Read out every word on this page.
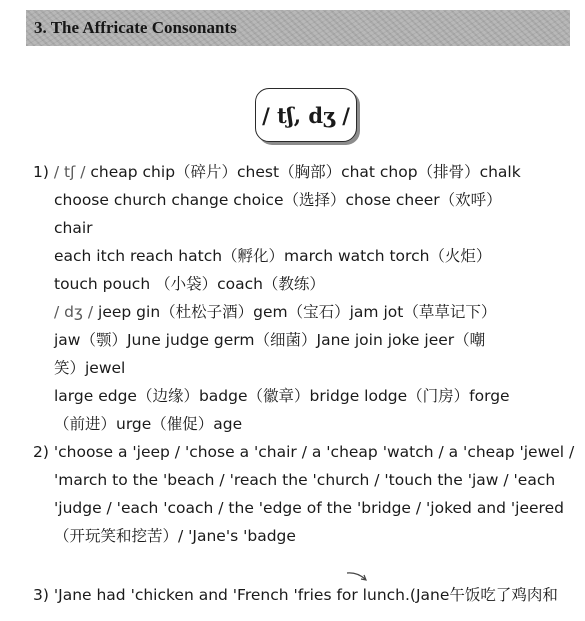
3. The Affricate Consonants
/ tʃ, dʒ /
1) / tʃ / cheap chip（碎片）chest（胸部）chat chop（排骨）chalk
choose church change choice（选择）chose cheer（欢呼）
chair
each itch reach hatch（孵化）march watch torch（火炬）
touch pouch （小袋）coach（教练）
/ dʒ / jeep gin（杜松子酒）gem（宝石）jam jot（草草记下）
jaw（颚）June judge germ（细菌）Jane join joke jeer（嘲
笑）jewel
large edge（边缘）badge（徽章）bridge lodge（门房）forge
（前进）urge（催促）age
2) 'choose a 'jeep / 'chose a 'chair / a 'cheap 'watch / a 'cheap 'jewel /
'march to the 'beach / 'reach the 'church / 'touch the 'jaw / 'each
'judge / 'each 'coach / the 'edge of the 'bridge / 'joked and 'jeered
（开玩笑和挖苦）/ 'Jane's 'badge
3) 'Jane had 'chicken and 'French 'fries for lunch.(Jane午饭吃了鸡肉和
